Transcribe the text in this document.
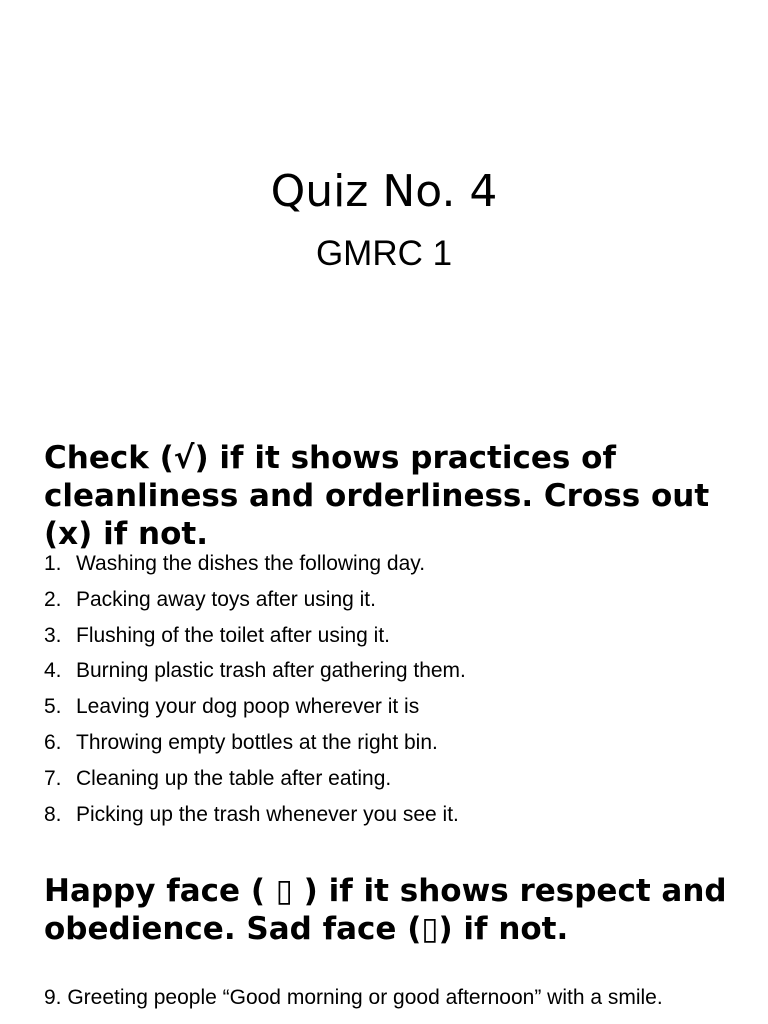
Quiz No. 4
GMRC 1
Check (√) if it shows practices of cleanliness and orderliness. Cross out (x) if not.
1. Washing the dishes the following day.
2. Packing away toys after using it.
3. Flushing of the toilet after using it.
4. Burning plastic trash after gathering them.
5. Leaving your dog poop wherever it is
6. Throwing empty bottles at the right bin.
7. Cleaning up the table after eating.
8. Picking up the trash whenever you see it.
Happy face ( ▯ ) if it shows respect and obedience. Sad face (▯) if not.

9. Greeting people “Good morning or good afternoon” with a smile.
